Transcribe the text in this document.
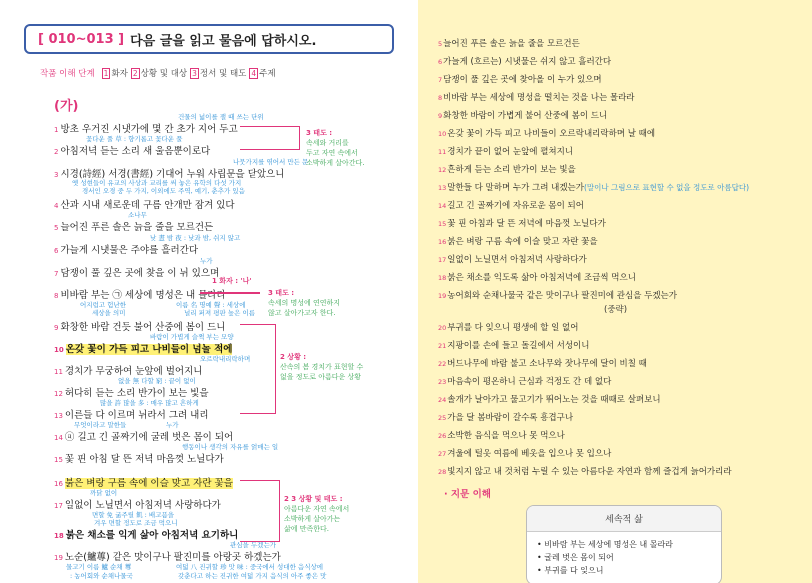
[ 010~013 ] 다음 글을 읽고 물음에 답하시오.
작품 이해 단계 1 화자 2 상황 및 대상 3 정서 및 태도 4 주제
(가)
1 방초 우거진 시냇가에 몇 간 초가 지어 두고
2 아침저녁 듣는 소리 새 울음뿐이로다
3 시경(詩經) 서경(書經) 기대어 누워 사립문을 닫았으니
4 산과 시내 새로운데 구름 안개만 잠겨 있다
5 늘어진 푸른 솔은 늙을 줄을 모르건든
6 가늘게 시냇물은 주야를 흘러간다
7 담쟁이 풀 깊은 곳에 찾을 이 뉘 있으며
8 비바람 부는 ㉠ 세상에 명성은 내 몰라라
9 화창한 바람 건듯 불어 산중에 봄이 드니
10 온갖 꽃이 가득 피고 나비들이 넘놀 적에
11 경치가 무궁하여 눈앞에 벌어지니
12 허다히 듣는 소리 반가이 보는 빛을
13 이른들 다 이르며 뉘라서 그려 내리
14 ⓐ 길고 긴 골짜기에 굴레 벗은 몸이 되어
15 꽃 핀 아침 달 뜬 저녁 마음껏 노닐다가
16 붉은 벼랑 구름 속에 이슬 맞고 자란 꽃을
17 일없이 노닐면서 아침저녁 사랑하다가
18 붉은 채소를 익게 삶아 아침저녁 요기하니
19 노순(鱸蓴) 같은 맛이구나 팔진미를 아랑곳 하겠는가
건물의 넓이를 잴 때 쓰는 단위
꽃다운 풀 草 : 향기롭고 꽃다운 풀
나뭇가지를 엮어서 만든 문
옛 성현들이 유교의 사상과 교리를 써 놓은 유학의 다섯 가지
경서인 오경 중 두 가지, 이외에도 주역, 예기, 춘추가 있음
소나무
낮 晝 밤 夜 : 낮과 밤, 쉬지 않고
누가
어지럽고 험난한
세상을 의미
이름 名 명예 聲 : 세상에
널리 퍼져 평판 높은 이름
바람이 가볍게 슬쩍 부는 모양
오르락내리락하며
없을 無 다할 窮 : 끝이 없이
많을 許 많을 多 : 매우 많고 흔하게
무엇이라고 말한들	누가
행동이나 생각의 자유를 얽매는 일
까닭 없이
면할 免 굶주릴 飢 : 배고픔을
겨우 면할 정도로 조금 먹으니
관심을 두겠는가
물고기 이름 鱸 순채 蓴
: 농어회와 순채나물국
여덟 八 진귀할 珍 맛 味 : 중국에서 성대한 음식상에
갖춘다고 하는 진귀한 여덟 가지 음식의 아주 좋은 맛
3 태도 :
속세와 거리를
두고 자연 속에서
소박하게 살아간다.
1 화자 : '나'
3 태도 :
속세의 명성에 연연하지
않고 살아가고자 한다.
2 상황 :
산속의 봄 경치가 표현할 수
없을 정도로 아름다운 상황
2 3 상황 및 태도 :
아름다운 자연 속에서
소박하게 살아가는
삶에 만족한다.
5늘어진 푸른 솔은 늙을 줄을 모르건든
6가늘게 (흐르는) 시냇물은 쉬지 않고 흘러간다
7담쟁이 풀 깊은 곳에 찾아올 이 누가 있으며
8비바람 부는 세상에 명성을 떨치는 것을 나는 몰라라
9화창한 바람이 가볍게 불어 산중에 봄이 드니
10온갖 꽃이 가득 피고 나비들이 오르락내리락하며 날 때에
11경치가 끝이 없어 눈앞에 펼쳐지니
12흔하게 듣는 소리 반가이 보는 빛을
13말한들 다 말하며 누가 그려 내겠는가(말이나 그림으로 표현할 수 없을 정도로 아름답다)
14길고 긴 골짜기에 자유로운 몸이 되어
15꽃 핀 아침과 달 뜬 저녁에 마음껏 노닐다가
16붉은 벼랑 구름 속에 이슬 맞고 자란 꽃을
17일없이 노닐면서 아침저녁 사랑하다가
18붉은 채소를 익도록 삶아 아침저녁에 조금씩 먹으니
19농어회와 순채나물국 같은 맛이구나 팔진미에 관심을 두겠는가
(중략)
20부귀를 다 잊으니 평생에 할 일 없어
21지팡이를 손에 들고 돌길에서 서성이니
22버드나무에 바람 불고 소나무와 잣나무에 달이 비칠 때
23마음속이 평온하니 근심과 걱정도 간 데 없다
24솔개가 날아가고 물고기가 뛰어노는 것을 때때로 살펴보니
25가을 달 봄바람이 갈수록 흥겹구나
26소박한 음식을 먹으나 못 먹으나
27겨울에 털옷 여름에 베옷을 입으나 못 입으나
28빛지지 않고 내 것처럼 누릴 수 있는 아름다운 자연과 함께 즐겁게 늙어가리라
· 지문 이해
세속적 삶
• 비바람 부는 세상에 명성은 내 몰라라
• 굴레 벗은 몸이 되어
• 부귀를 다 잊으니
